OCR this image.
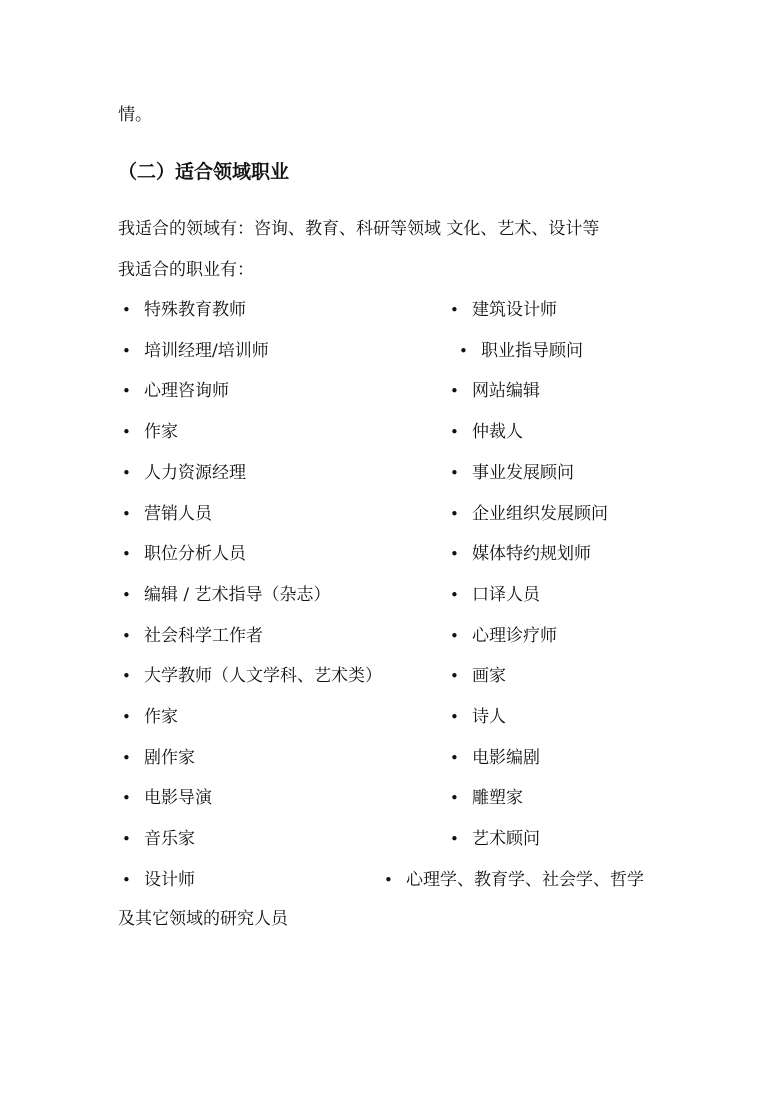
情。
（二）适合领域职业
我适合的领域有：咨询、教育、科研等领域 文化、艺术、设计等
我适合的职业有：
及其它领域的研究人员
• 特殊教育教师
• 培训经理/培训师
• 心理咨询师
• 作家
• 人力资源经理
• 营销人员
• 职位分析人员
• 编辑 / 艺术指导（杂志）
• 社会科学工作者
• 大学教师（人文学科、艺术类）
• 作家
• 剧作家
• 电影导演
• 音乐家
• 设计师
• 建筑设计师
• 职业指导顾问
• 网站编辑
• 仲裁人
• 事业发展顾问
• 企业组织发展顾问
• 媒体特约规划师
• 口译人员
• 心理诊疗师
• 画家
• 诗人
• 电影编剧
• 雕塑家
• 艺术顾问
• 心理学、教育学、社会学、哲学
